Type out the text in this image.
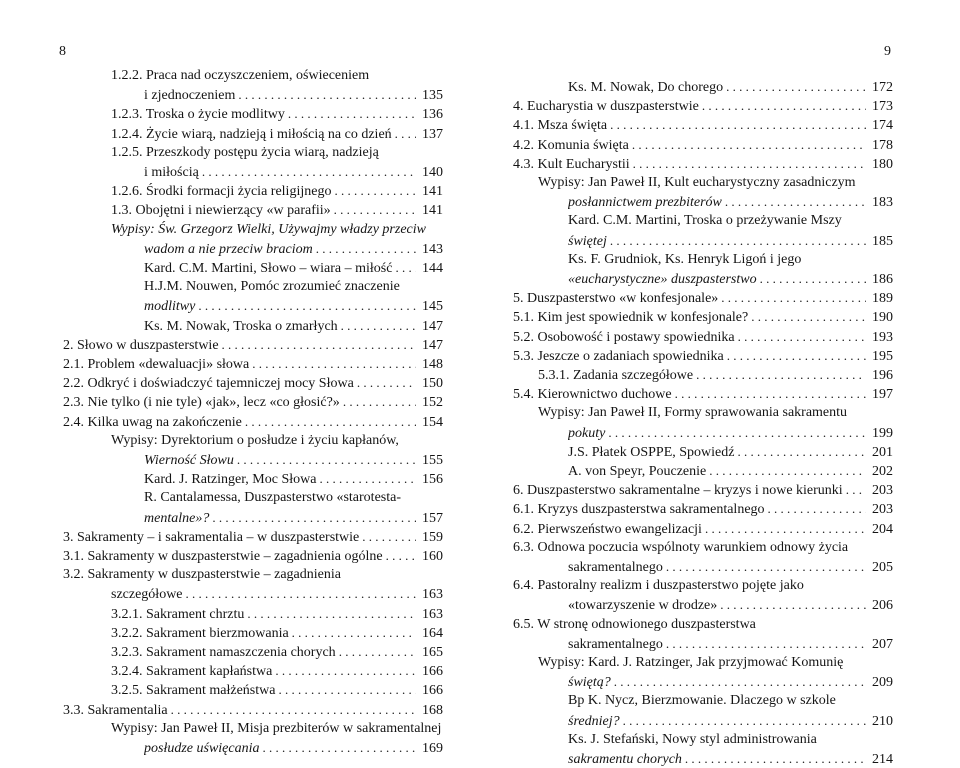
8	9
1.2.2. Praca nad oczyszczeniem, oświeceniem
i zjednoczeniem . . .	135
1.2.3. Troska o życie modlitwy . . .	136
1.2.4. Życie wiarą, nadzieją i miłością na co dzień . . . 137
1.2.5. Przeszkody postępu życia wiarą, nadzieją
i miłością . . .	140
1.2.6. Środki formacji życia religijnego . . .	141
1.3. Obojętni i niewierzący «w parafii» . . .	141
Wypisy: Św. Grzegorz Wielki, Używajmy władzy przeciw
wadom a nie przeciw braciom . . .	143
Kard. C.M. Martini, Słowo – wiara – miłość . . . 144
H.J.M. Nouwen, Pomóc zrozumieć znaczenie
modlitwy . . .	145
Ks. M. Nowak, Troska o zmarłych . . .	147
2. Słowo w duszpasterstwie . . .	147
2.1. Problem «dewaluacji» słowa . . .	148
2.2. Odkryć i doświadczyć tajemniczej mocy Słowa . . .	150
2.3. Nie tylko (i nie tyle) «jak», lecz «co głosić?» . . .	152
2.4. Kilka uwag na zakończenie . . .	154
Wypisy: Dyrektorium o posłudze i życiu kapłanów,
Wierność Słowu . . .	155
Kard. J. Ratzinger, Moc Słowa . . .	156
R. Cantalamessa, Duszpasterstwo «starotesta-
mentalne»? . . .	157
3. Sakramenty – i sakramentalia – w duszpasterstwie . . .	159
3.1. Sakramenty w duszpasterstwie – zagadnienia ogólne . . .	160
3.2. Sakramenty w duszpasterstwie – zagadnienia
szczegółowe . . .	163
3.2.1. Sakrament chrztu . . .	163
3.2.2. Sakrament bierzmowania . . .	164
3.2.3. Sakrament namaszczenia chorych . . .	165
3.2.4. Sakrament kapłaństwa . . .	166
3.2.5. Sakrament małżeństwa . . .	166
3.3. Sakramentalia . . .	168
Wypisy: Jan Paweł II, Misja prezbiterów w sakramentalnej
posłudze uświęcania . . .	169
Ks. M. Nowak, Do chorego . . .	172
4. Eucharystia w duszpasterstwie . . .	173
4.1. Msza święta . . .	174
4.2. Komunia święta . . .	178
4.3. Kult Eucharystii . . .	180
Wypisy: Jan Paweł II, Kult eucharystyczny zasadniczym
posłannictwem prezbiterów . . .	183
Kard. C.M. Martini, Troska o przeżywanie Mszy
świętej . . .	185
Ks. F. Grudniok, Ks. Henryk Ligoń i jego
«eucharystyczne» duszpasterstwo . . .	186
5. Duszpasterstwo «w konfesjonale» . . .	189
5.1. Kim jest spowiednik w konfesjonale? . . .	190
5.2. Osobowość i postawy spowiednika . . .	193
5.3. Jeszcze o zadaniach spowiednika . . .	195
5.3.1. Zadania szczegółowe . . .	196
5.4. Kierownictwo duchowe . . .	197
Wypisy: Jan Paweł II, Formy sprawowania sakramentu
pokuty . . .	199
J.S. Płatek OSPPE, Spowiedź . . .	201
A. von Speyr, Pouczenie . . .	202
6. Duszpasterstwo sakramentalne – kryzys i nowe kierunki . . . 203
6.1. Kryzys duszpasterstwa sakramentalnego . . .	203
6.2. Pierwszeństwo ewangelizacji . . .	204
6.3. Odnowa poczucia wspólnoty warunkiem odnowy życia
sakramentalnego . . .	205
6.4. Pastoralny realizm i duszpasterstwo pojęte jako
«towarzyszenie w drodze» . . .	206
6.5. W stronę odnowionego duszpasterstwa
sakramentalnego . . .	207
Wypisy: Kard. J. Ratzinger, Jak przyjmować Komunię
świętą? . . .	209
Bp K. Nycz, Bierzmowanie. Dlaczego w szkole
średniej? . . .	210
Ks. J. Stefański, Nowy styl administrowania
sakramentu chorych . . .	214
